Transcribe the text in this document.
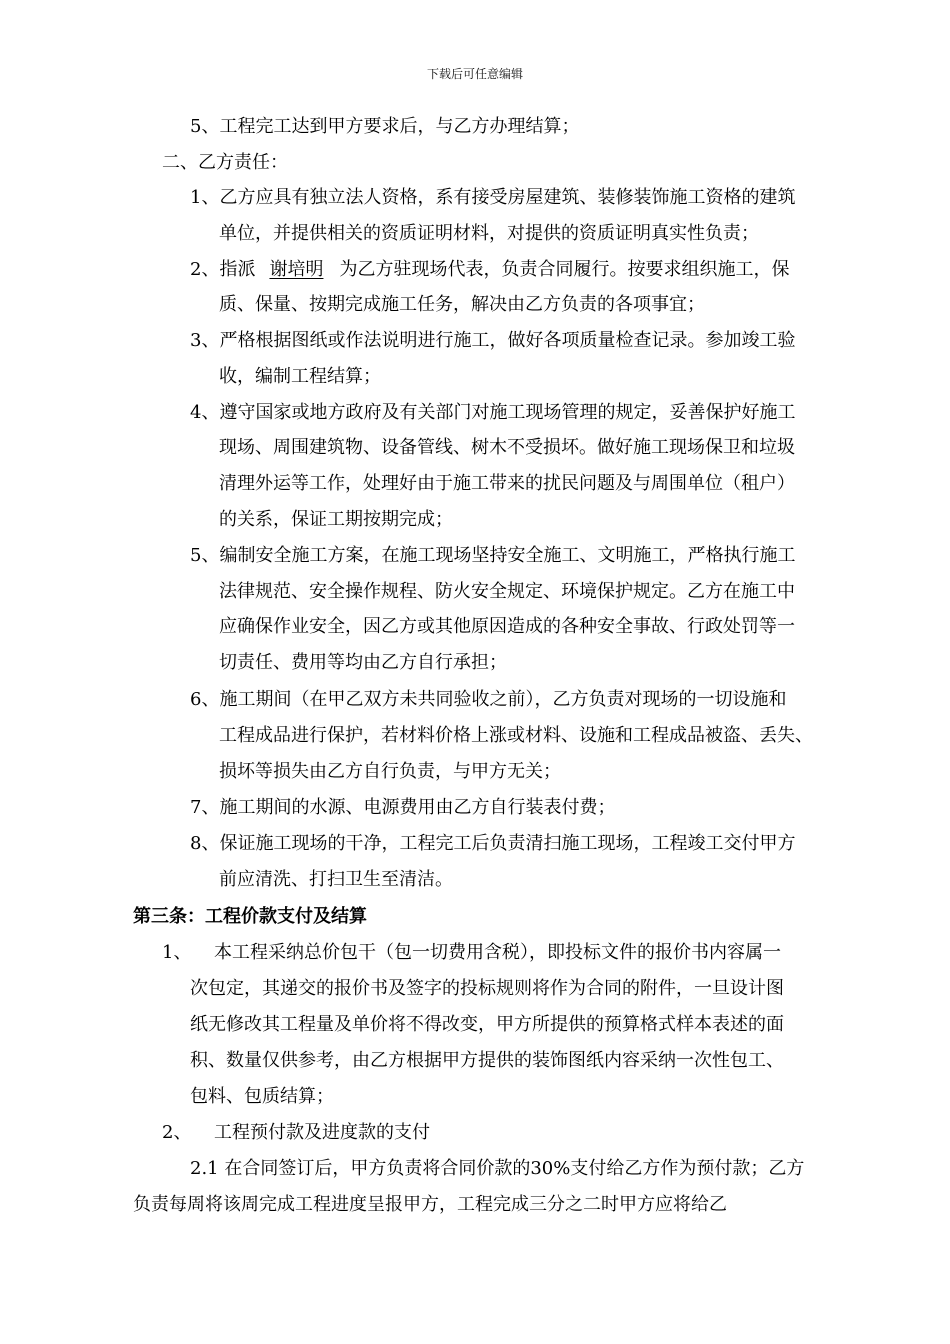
下载后可任意编辑
5、工程完工达到甲方要求后，与乙方办理结算；
二、乙方责任：
1、乙方应具有独立法人资格，系有接受房屋建筑、装修装饰施工资格的建筑
单位，并提供相关的资质证明材料，对提供的资质证明真实性负责；
2、指派 谢培明 为乙方驻现场代表，负责合同履行。按要求组织施工，保
质、保量、按期完成施工任务，解决由乙方负责的各项事宜；
3、严格根据图纸或作法说明进行施工，做好各项质量检查记录。参加竣工验
收，编制工程结算；
4、遵守国家或地方政府及有关部门对施工现场管理的规定，妥善保护好施工
现场、周围建筑物、设备管线、树木不受损坏。做好施工现场保卫和垃圾
清理外运等工作，处理好由于施工带来的扰民问题及与周围单位（租户）
的关系，保证工期按期完成；
5、编制安全施工方案，在施工现场坚持安全施工、文明施工，严格执行施工
法律规范、安全操作规程、防火安全规定、环境保护规定。乙方在施工中
应确保作业安全，因乙方或其他原因造成的各种安全事故、行政处罚等一
切责任、费用等均由乙方自行承担；
6、施工期间（在甲乙双方未共同验收之前），乙方负责对现场的一切设施和
工程成品进行保护，若材料价格上涨或材料、设施和工程成品被盗、丢失、
损坏等损失由乙方自行负责，与甲方无关；
7、施工期间的水源、电源费用由乙方自行装表付费；
8、保证施工现场的干净，工程完工后负责清扫施工现场，工程竣工交付甲方
前应清洗、打扫卫生至清洁。
第三条：工程价款支付及结算
1、 本工程采纳总价包干（包一切费用含税），即投标文件的报价书内容属一
次包定，其递交的报价书及签字的投标规则将作为合同的附件，一旦设计图
纸无修改其工程量及单价将不得改变，甲方所提供的预算格式样本表述的面
积、数量仅供参考，由乙方根据甲方提供的装饰图纸内容采纳一次性包工、
包料、包质结算；
2、 工程预付款及进度款的支付
2.1 在合同签订后，甲方负责将合同价款的30%支付给乙方作为预付款；乙方
负责每周将该周完成工程进度呈报甲方，工程完成三分之二时甲方应将给乙
